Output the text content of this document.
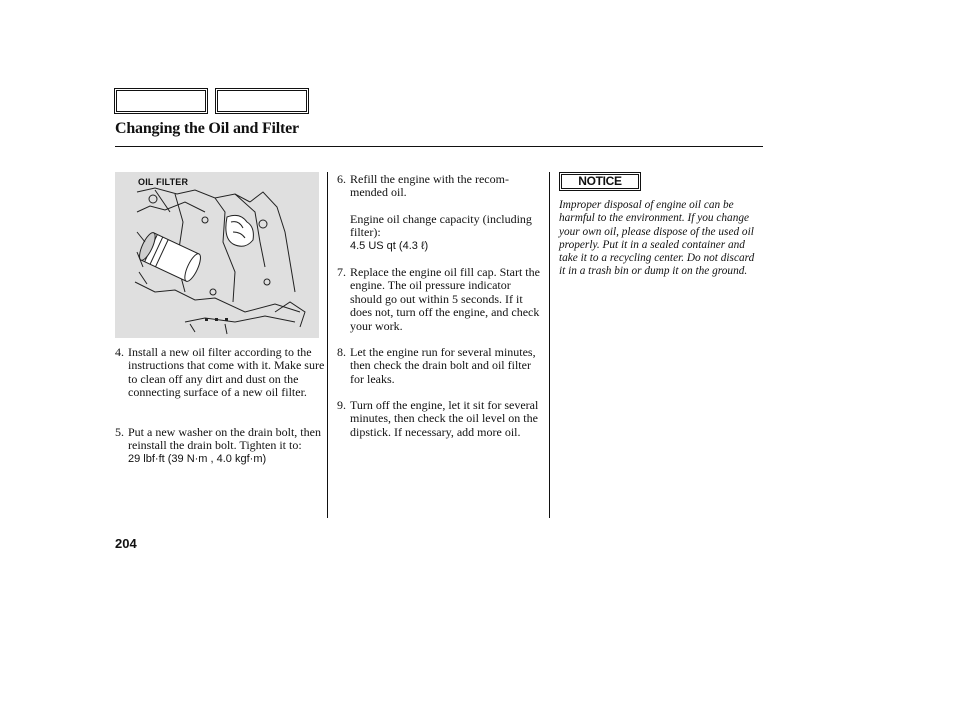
Changing the Oil and Filter
OIL FILTER
4. Install a new oil filter according to the instructions that come with it. Make sure to clean off any dirt and dust on the connecting surface of a new oil filter.

5. Put a new washer on the drain bolt, then reinstall the drain bolt. Tighten it to:

29 lbf·ft (39 N·m , 4.0 kgf·m)

6. Refill the engine with the recom-mended oil.

Engine oil change capacity (including filter):

4.5 US qt (4.3 ℓ)

7. Replace the engine oil fill cap. Start the engine. The oil pressure indicator should go out within 5 seconds. If it does not, turn off the engine, and check your work.

8. Let the engine run for several minutes, then check the drain bolt and oil filter for leaks.

9. Turn off the engine, let it sit for several minutes, then check the oil level on the dipstick. If necessary, add more oil.

NOTICE

Improper disposal of engine oil can be harmful to the environment. If you change your own oil, please dispose of the used oil properly. Put it in a sealed container and take it to a recycling center. Do not discard it in a trash bin or dump it on the ground.

204
